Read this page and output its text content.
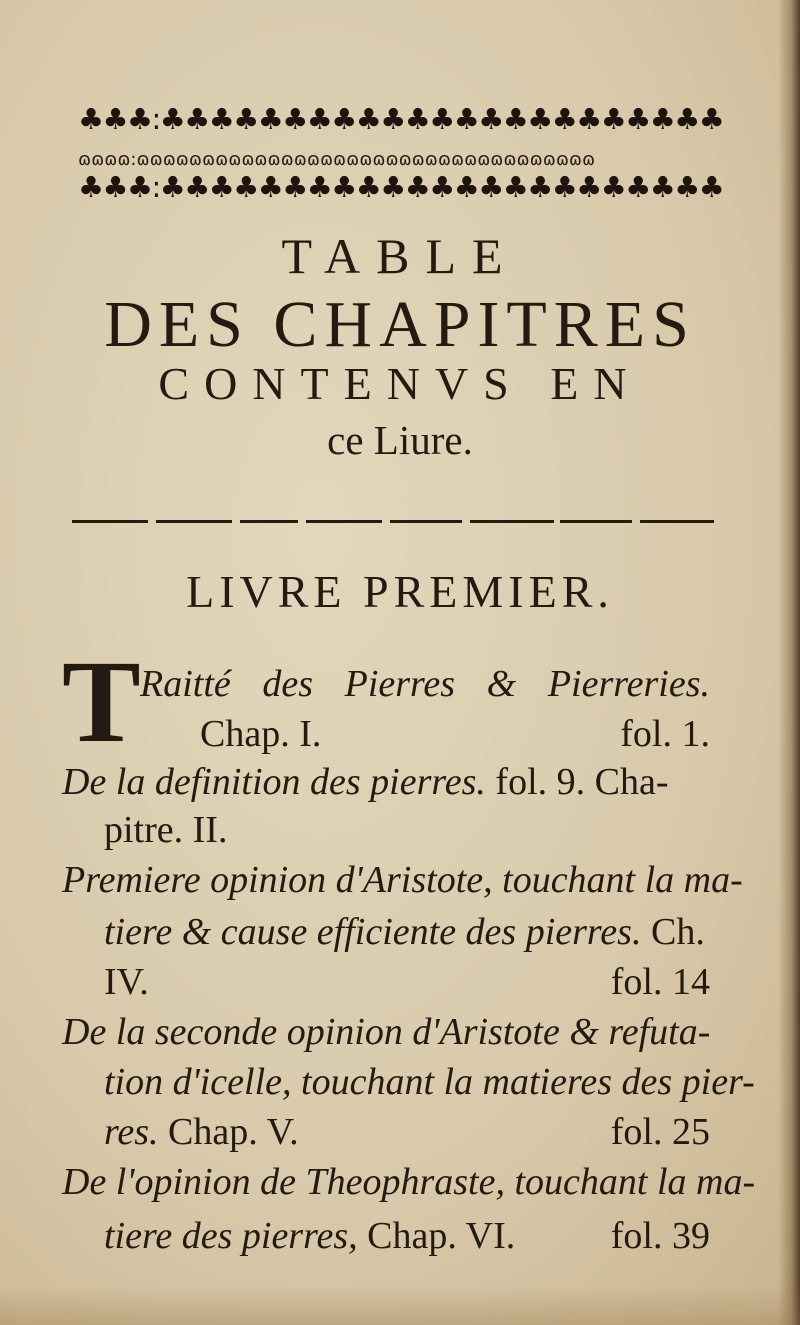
♣♣♣:♣♣♣♣♣♣♣♣♣♣♣♣♣♣♣♣♣♣♣♣♣♣♣
ɷɷɷɷ:ɷɷɷɷɷɷɷɷɷɷɷɷɷɷɷɷɷɷɷɷɷɷɷɷɷɷɷɷɷɷɷɷɷɷɷ
♣♣♣:♣♣♣♣♣♣♣♣♣♣♣♣♣♣♣♣♣♣♣♣♣♣♣
TABLE
DES CHAPITRES
CONTENVS EN
ce Liure.
LIVRE PREMIER.
T Raitté des Pierres & Pierreries.
Chap. I.	fol. 1.
De la definition des pierres. fol. 9. Cha-
pitre. II.
Premiere opinion d'Aristote, touchant la ma-
tiere & cause efficiente des pierres. Ch.
IV.	fol. 14
De la seconde opinion d'Aristote & refuta-
tion d'icelle, touchant la matieres des pier-
res. Chap. V.	fol. 25
De l'opinion de Theophraste, touchant la ma-
tiere des pierres, Chap. VI.	fol. 39
